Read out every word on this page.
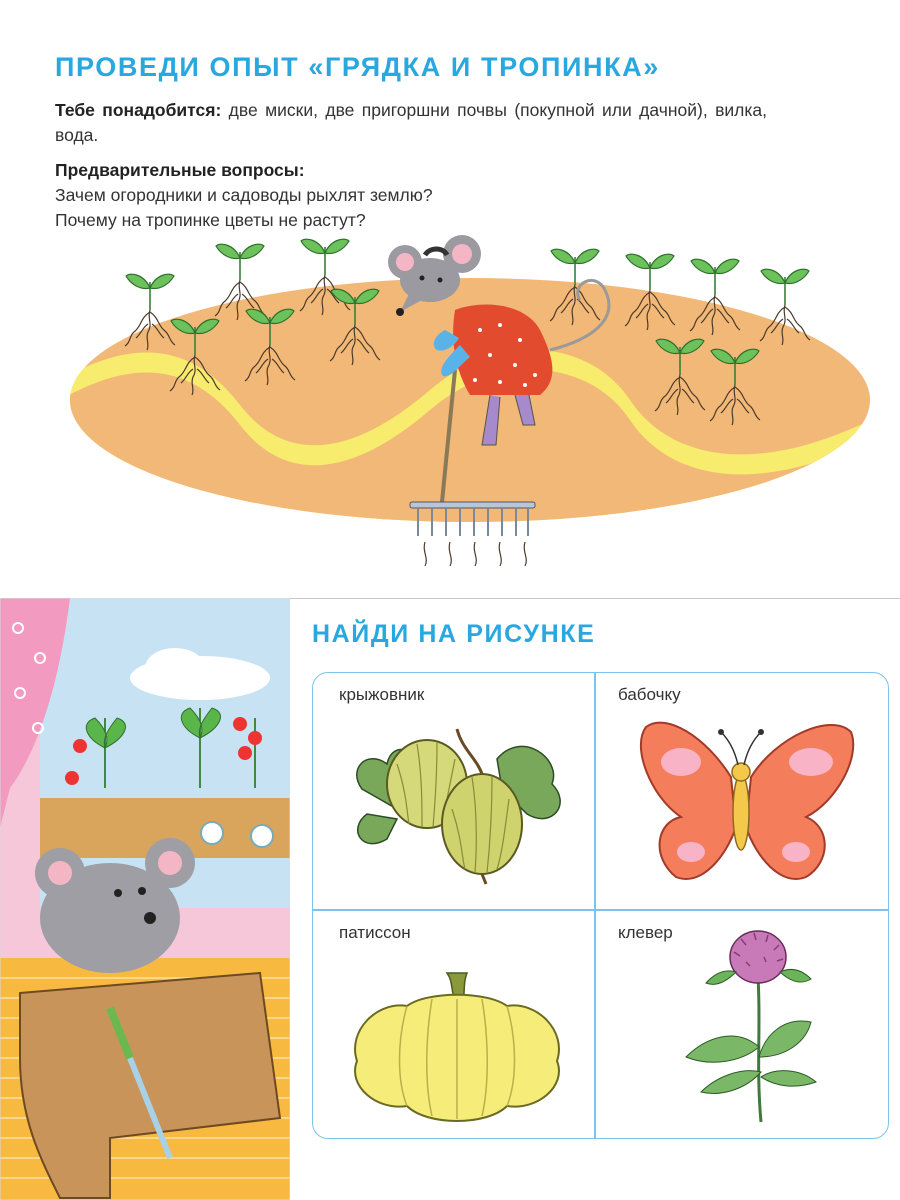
ПРОВЕДИ ОПЫТ «ГРЯДКА И ТРОПИНКА»
Тебе понадобится: две миски, две пригоршни почвы (покупной или дачной), вилка, вода.
Предварительные вопросы:
Зачем огородники и садоводы рыхлят землю?
Почему на тропинке цветы не растут?
НАЙДИ НА РИСУНКЕ
крыжовник	бабочку
патиссон	клевер
